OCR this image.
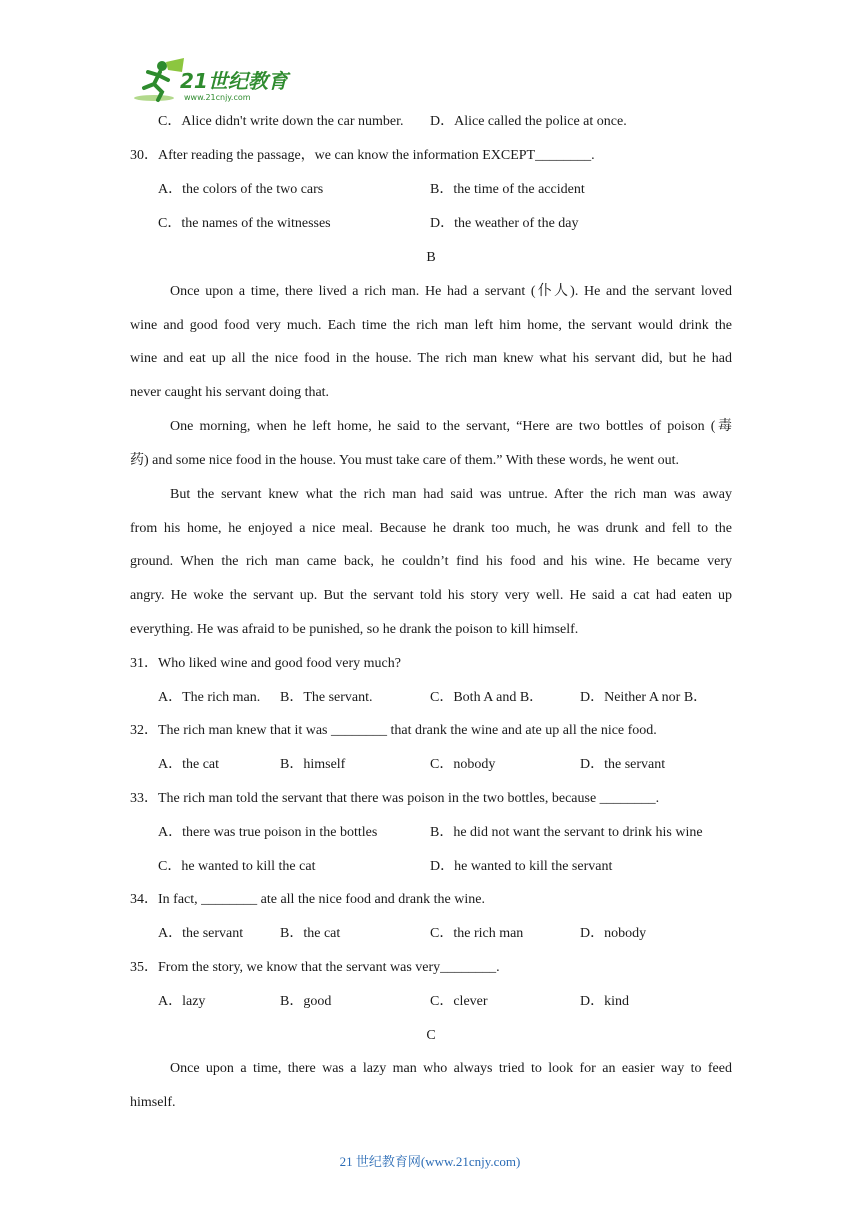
21世纪教育
www.21cnjy.com
C．Alice didn't write down the car number. D．Alice called the police at once.
30．After reading the passage，we can know the information EXCEPT________.
A．the colors of the two cars	B．the time of the accident
C．the names of the witnesses	D．the weather of the day
B
Once upon a time, there lived a rich man. He had a servant (仆人). He and the servant loved
wine and good food very much. Each time the rich man left him home, the servant would drink the
wine and eat up all the nice food in the house. The rich man knew what his servant did, but he had
never caught his servant doing that.
One morning, when he left home, he said to the servant, “Here are two bottles of poison (毒
药) and some nice food in the house. You must take care of them.” With these words, he went out.
But the servant knew what the rich man had said was untrue. After the rich man was away
from his home, he enjoyed a nice meal. Because he drank too much, he was drunk and fell to the
ground. When the rich man came back, he couldn’t find his food and his wine. He became very
angry. He woke the servant up. But the servant told his story very well. He said a cat had eaten up
everything. He was afraid to be punished, so he drank the poison to kill himself.
31．Who liked wine and good food very much?
A．The rich man. B．The servant.	C．Both A and B．	D．Neither A nor B．
32．The rich man knew that it was ________ that drank the wine and ate up all the nice food.
A．the cat	B．himself	C．nobody	D．the servant
33．The rich man told the servant that there was poison in the two bottles, because ________.
A．there was true poison in the bottles	B．he did not want the servant to drink his wine
C．he wanted to kill the cat	D．he wanted to kill the servant
34．In fact, ________ ate all the nice food and drank the wine.
A．the servant	B．the cat	C．the rich man	D．nobody
35．From the story, we know that the servant was very________.
A．lazy	B．good	C．clever	D．kind
C
Once upon a time, there was a lazy man who always tried to look for an easier way to feed
himself.
21 世纪教育网(www.21cnjy.com)
